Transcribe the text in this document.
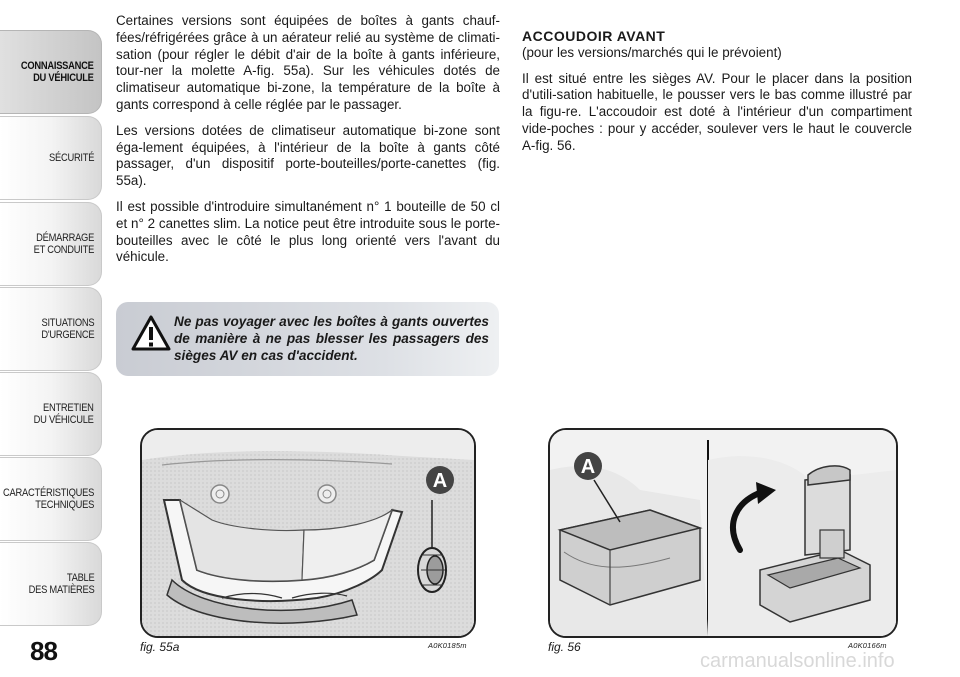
CONNAISSANCE
DU VÉHICULE
SÉCURITÉ
DÉMARRAGE
ET CONDUITE
SITUATIONS
D'URGENCE
ENTRETIEN
DU VÉHICULE
CARACTÉRISTIQUES
TECHNIQUES
TABLE
DES MATIÈRES
88

Certaines versions sont équipées de boîtes à gants chauf-fées/réfrigérées grâce à un aérateur relié au système de climati-sation (pour régler le débit d'air de la boîte à gants inférieure, tour-ner la molette A-fig. 55a). Sur les véhicules dotés de climatiseur automatique bi-zone, la température de la boîte à gants correspond à celle réglée par le passager.

Les versions dotées de climatiseur automatique bi-zone sont éga-lement équipées, à l'intérieur de la boîte à gants côté passager, d'un dispositif porte-bouteilles/porte-canettes (fig. 55a).

Il est possible d'introduire simultanément n° 1 bouteille de 50 cl et n° 2 canettes slim. La notice peut être introduite sous le porte-bouteilles avec le côté le plus long orienté vers l'avant du véhicule.

Ne pas voyager avec les boîtes à gants ouvertes de manière à ne pas blesser les passagers des sièges AV en cas d'accident.
ACCOUDOIR AVANT
(pour les versions/marchés qui le prévoient)

Il est situé entre les sièges AV. Pour le placer dans la position d'utili-sation habituelle, le pousser vers le bas comme illustré par la figu-re. L'accoudoir est doté à l'intérieur d'un compartiment vide-poches : pour y accéder, soulever vers le haut le couvercle A-fig. 56.

A
fig. 55a	A0K0185m
A
fig. 56	A0K0166m
carmanualsonline.info
